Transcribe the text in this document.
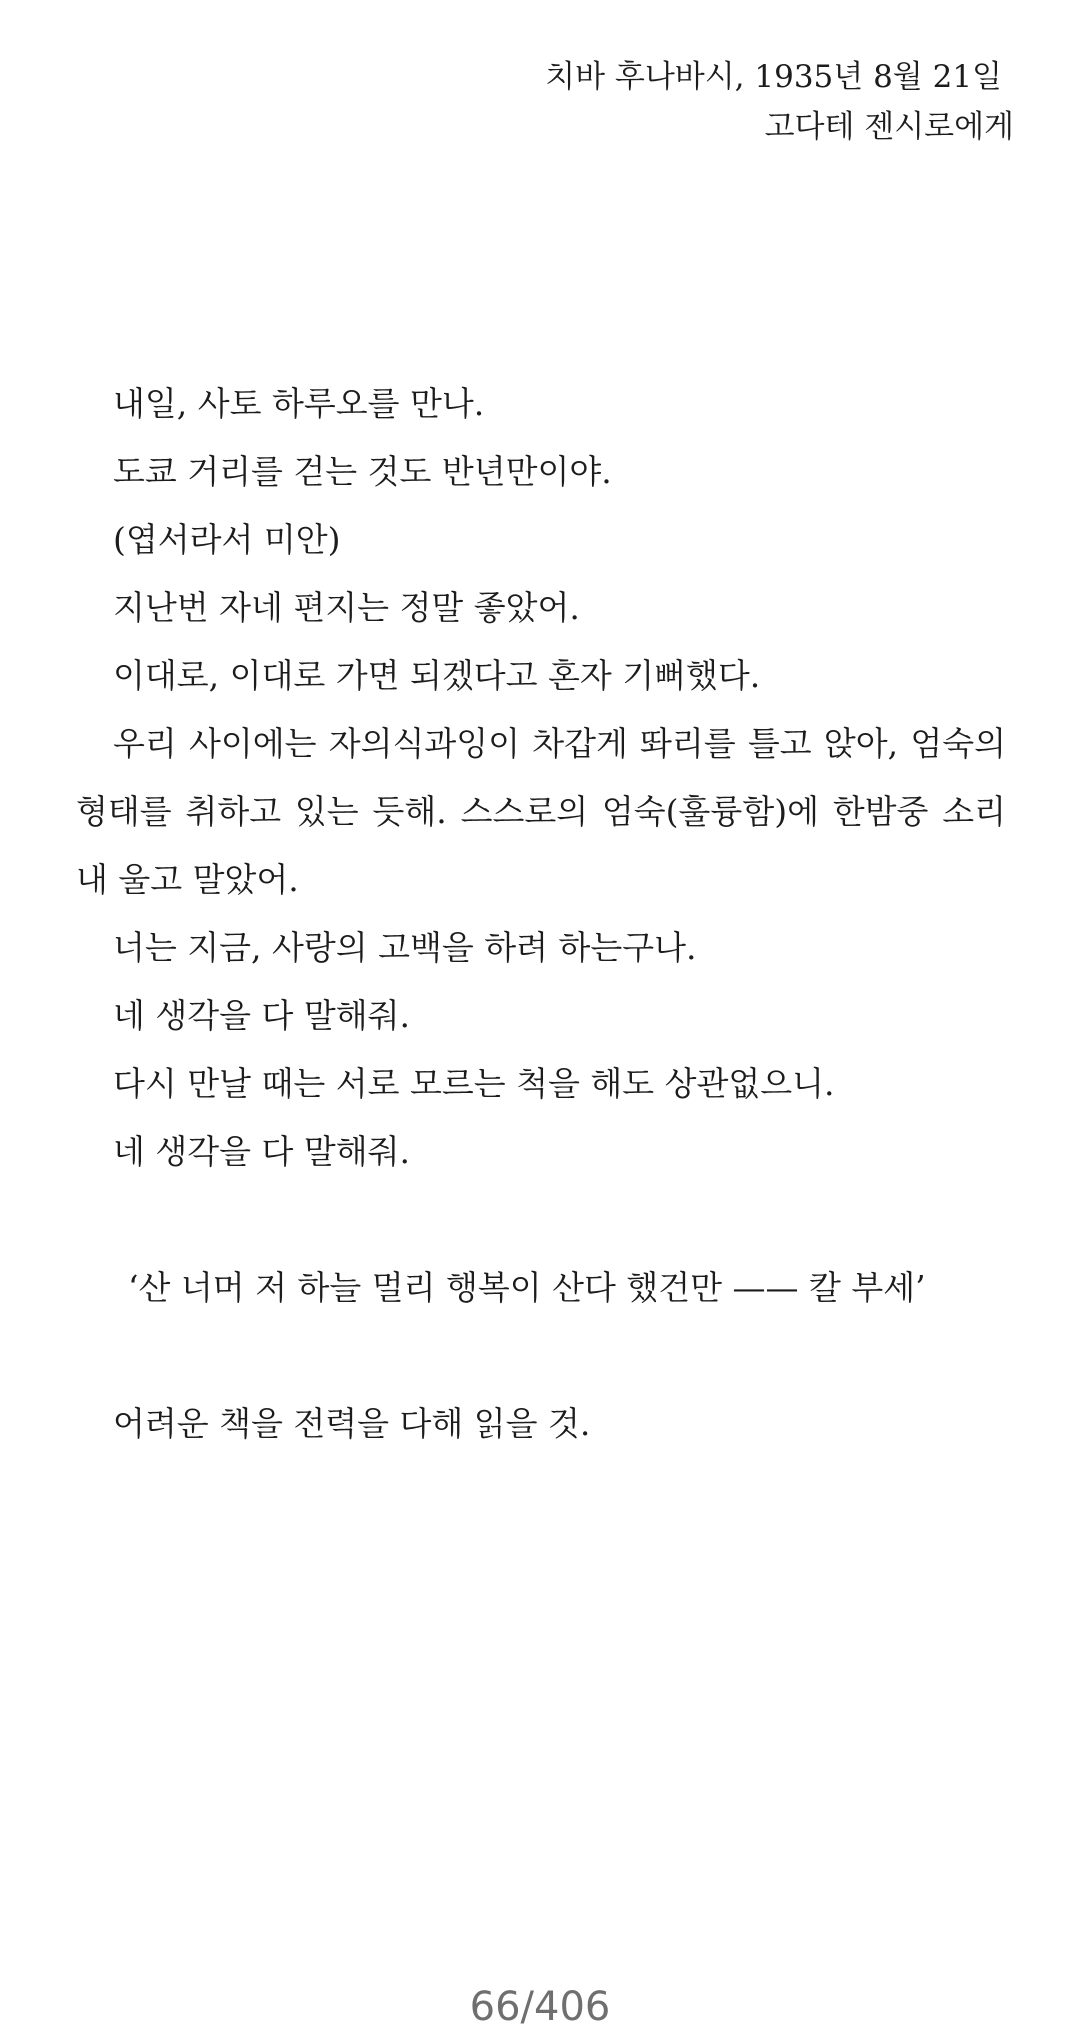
치바 후나바시, 1935년 8월 21일
고다테 젠시로에게

내일, 사토 하루오를 만나.

도쿄 거리를 걷는 것도 반년만이야.

(엽서라서 미안)

지난번 자네 편지는 정말 좋았어.

이대로, 이대로 가면 되겠다고 혼자 기뻐했다.

우리 사이에는 자의식과잉이 차갑게 똬리를 틀고 앉아, 엄숙의 형태를 취하고 있는 듯해. 스스로의 엄숙(훌륭함)에 한밤중 소리 내 울고 말았어.

너는 지금, 사랑의 고백을 하려 하는구나.

네 생각을 다 말해줘.

다시 만날 때는 서로 모르는 척을 해도 상관없으니.

네 생각을 다 말해줘.

‘산 너머 저 하늘 멀리 행복이 산다 했건만 —— 칼 부세’

어려운 책을 전력을 다해 읽을 것.

66/406
